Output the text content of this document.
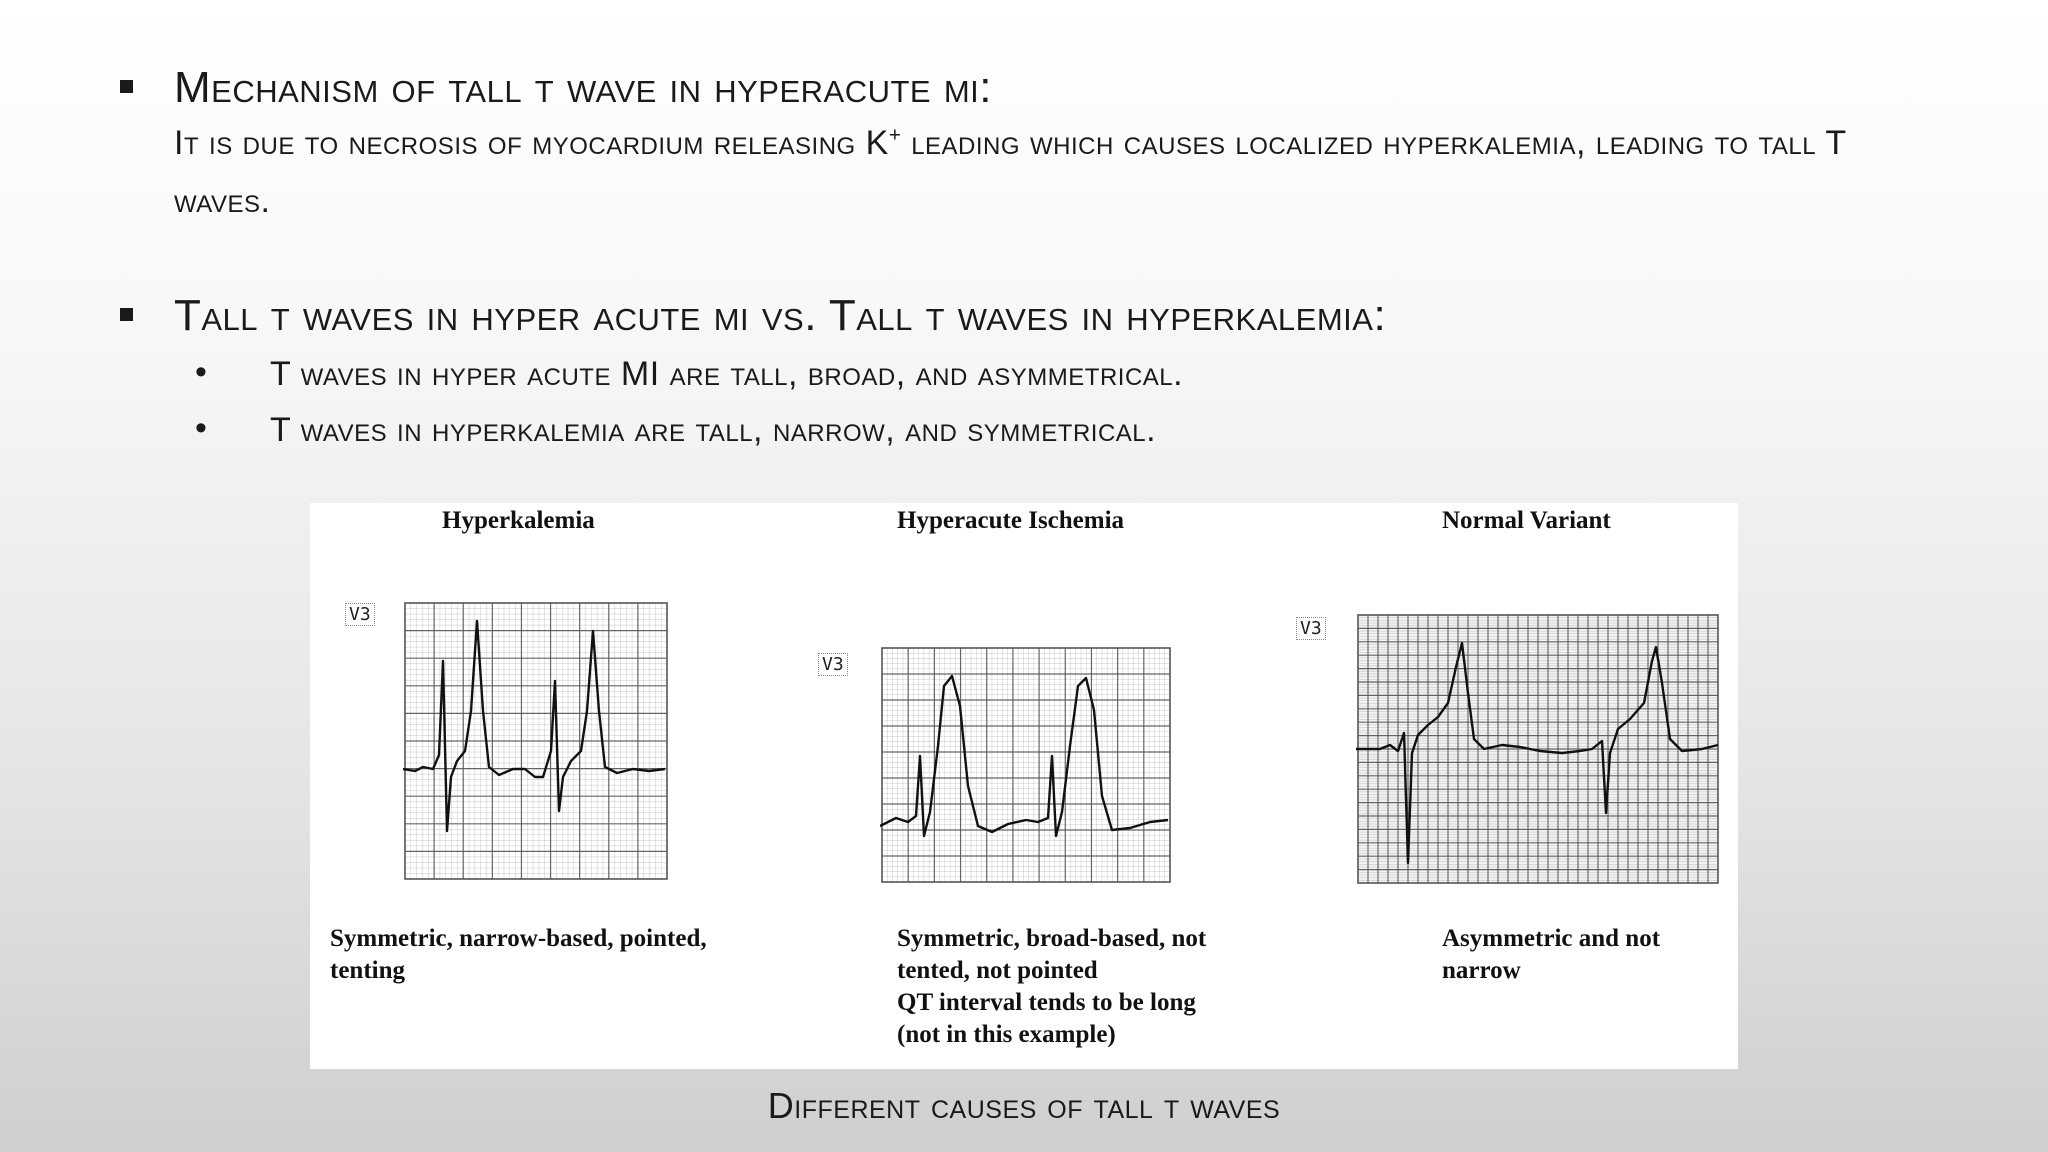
Mechanism of tall t wave in hyperacute mi:
It is due to necrosis of myocardium releasing K+ leading which causes localized hyperkalemia, leading to tall T waves.
Tall t waves in hyper acute mi vs. Tall t waves in hyperkalemia:
• T waves in hyper acute MI are tall, broad, and asymmetrical.
• T waves in hyperkalemia are tall, narrow, and symmetrical.
Hyperkalemia	Hyperacute Ischemia	Normal Variant
V3
V3
V3
Symmetric, narrow-based, pointed,
tenting
Symmetric, broad-based, not
tented, not pointed
QT interval tends to be long
(not in this example)
Asymmetric and not
narrow
Different causes of tall t waves
